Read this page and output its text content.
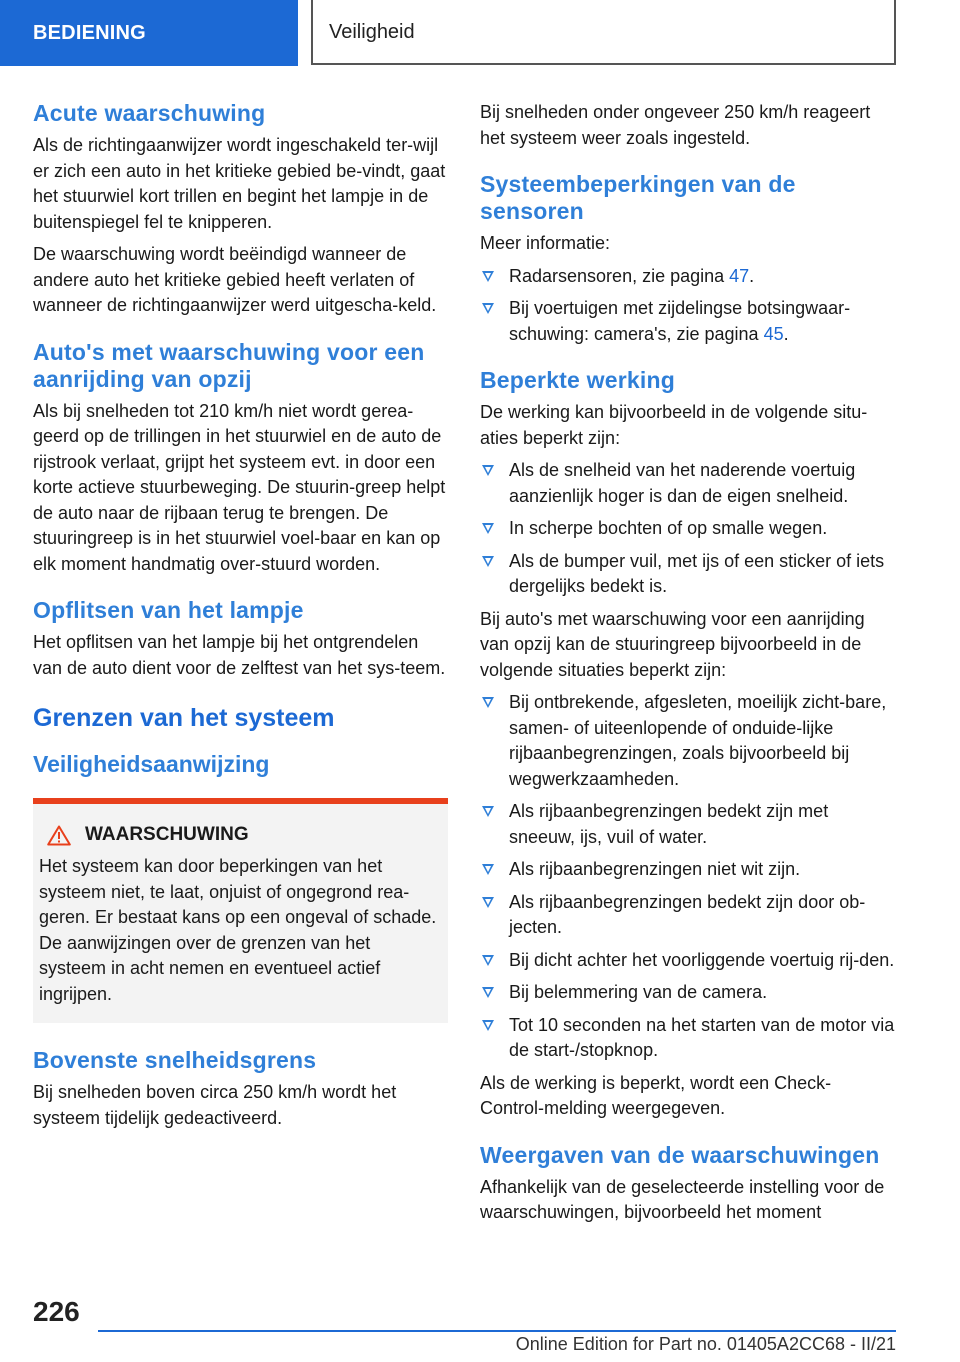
BEDIENING	Veiligheid
Acute waarschuwing

Als de richtingaanwijzer wordt ingeschakeld ter-wijl er zich een auto in het kritieke gebied be-vindt, gaat het stuurwiel kort trillen en begint het lampje in de buitenspiegel fel te knipperen.

De waarschuwing wordt beëindigd wanneer de andere auto het kritieke gebied heeft verlaten of wanneer de richtingaanwijzer werd uitgescha-keld.

Auto's met waarschuwing voor een aanrijding van opzij

Als bij snelheden tot 210 km/h niet wordt gerea-geerd op de trillingen in het stuurwiel en de auto de rijstrook verlaat, grijpt het systeem evt. in door een korte actieve stuurbeweging. De stuurin-greep helpt de auto naar de rijbaan terug te brengen. De stuuringreep is in het stuurwiel voel-baar en kan op elk moment handmatig over-stuurd worden.

Opflitsen van het lampje

Het opflitsen van het lampje bij het ontgrendelen van de auto dient voor de zelftest van het sys-teem.

Grenzen van het systeem
Veiligheidsaanwijzing
WAARSCHUWING

Het systeem kan door beperkingen van het systeem niet, te laat, onjuist of ongegrond rea-geren. Er bestaat kans op een ongeval of schade. De aanwijzingen over de grenzen van het systeem in acht nemen en eventueel actief ingrijpen.

Bovenste snelheidsgrens

Bij snelheden boven circa 250 km/h wordt het systeem tijdelijk gedeactiveerd.

Bij snelheden onder ongeveer 250 km/h reageert het systeem weer zoals ingesteld.

Systeembeperkingen van de sensoren

Meer informatie:

Radarsensoren, zie pagina 47.
Bij voertuigen met zijdelingse botsingwaar-schuwing: camera's, zie pagina 45.
Beperkte werking

De werking kan bijvoorbeeld in de volgende situ-aties beperkt zijn:

Als de snelheid van het naderende voertuig aanzienlijk hoger is dan de eigen snelheid.
In scherpe bochten of op smalle wegen.
Als de bumper vuil, met ijs of een sticker of iets dergelijks bedekt is.

Bij auto's met waarschuwing voor een aanrijding van opzij kan de stuuringreep bijvoorbeeld in de volgende situaties beperkt zijn:

Bij ontbrekende, afgesleten, moeilijk zicht-bare, samen- of uiteenlopende of onduide-lijke rijbaanbegrenzingen, zoals bijvoorbeeld bij wegwerkzaamheden.
Als rijbaanbegrenzingen bedekt zijn met sneeuw, ijs, vuil of water.
Als rijbaanbegrenzingen niet wit zijn.
Als rijbaanbegrenzingen bedekt zijn door ob-jecten.
Bij dicht achter het voorliggende voertuig rij-den.
Bij belemmering van de camera.
Tot 10 seconden na het starten van de motor via de start-/stopknop.

Als de werking is beperkt, wordt een Check-Control-melding weergegeven.

Weergaven van de waarschuwingen

Afhankelijk van de geselecteerde instelling voor de waarschuwingen, bijvoorbeeld het moment

226
Online Edition for Part no. 01405A2CC68 - II/21
